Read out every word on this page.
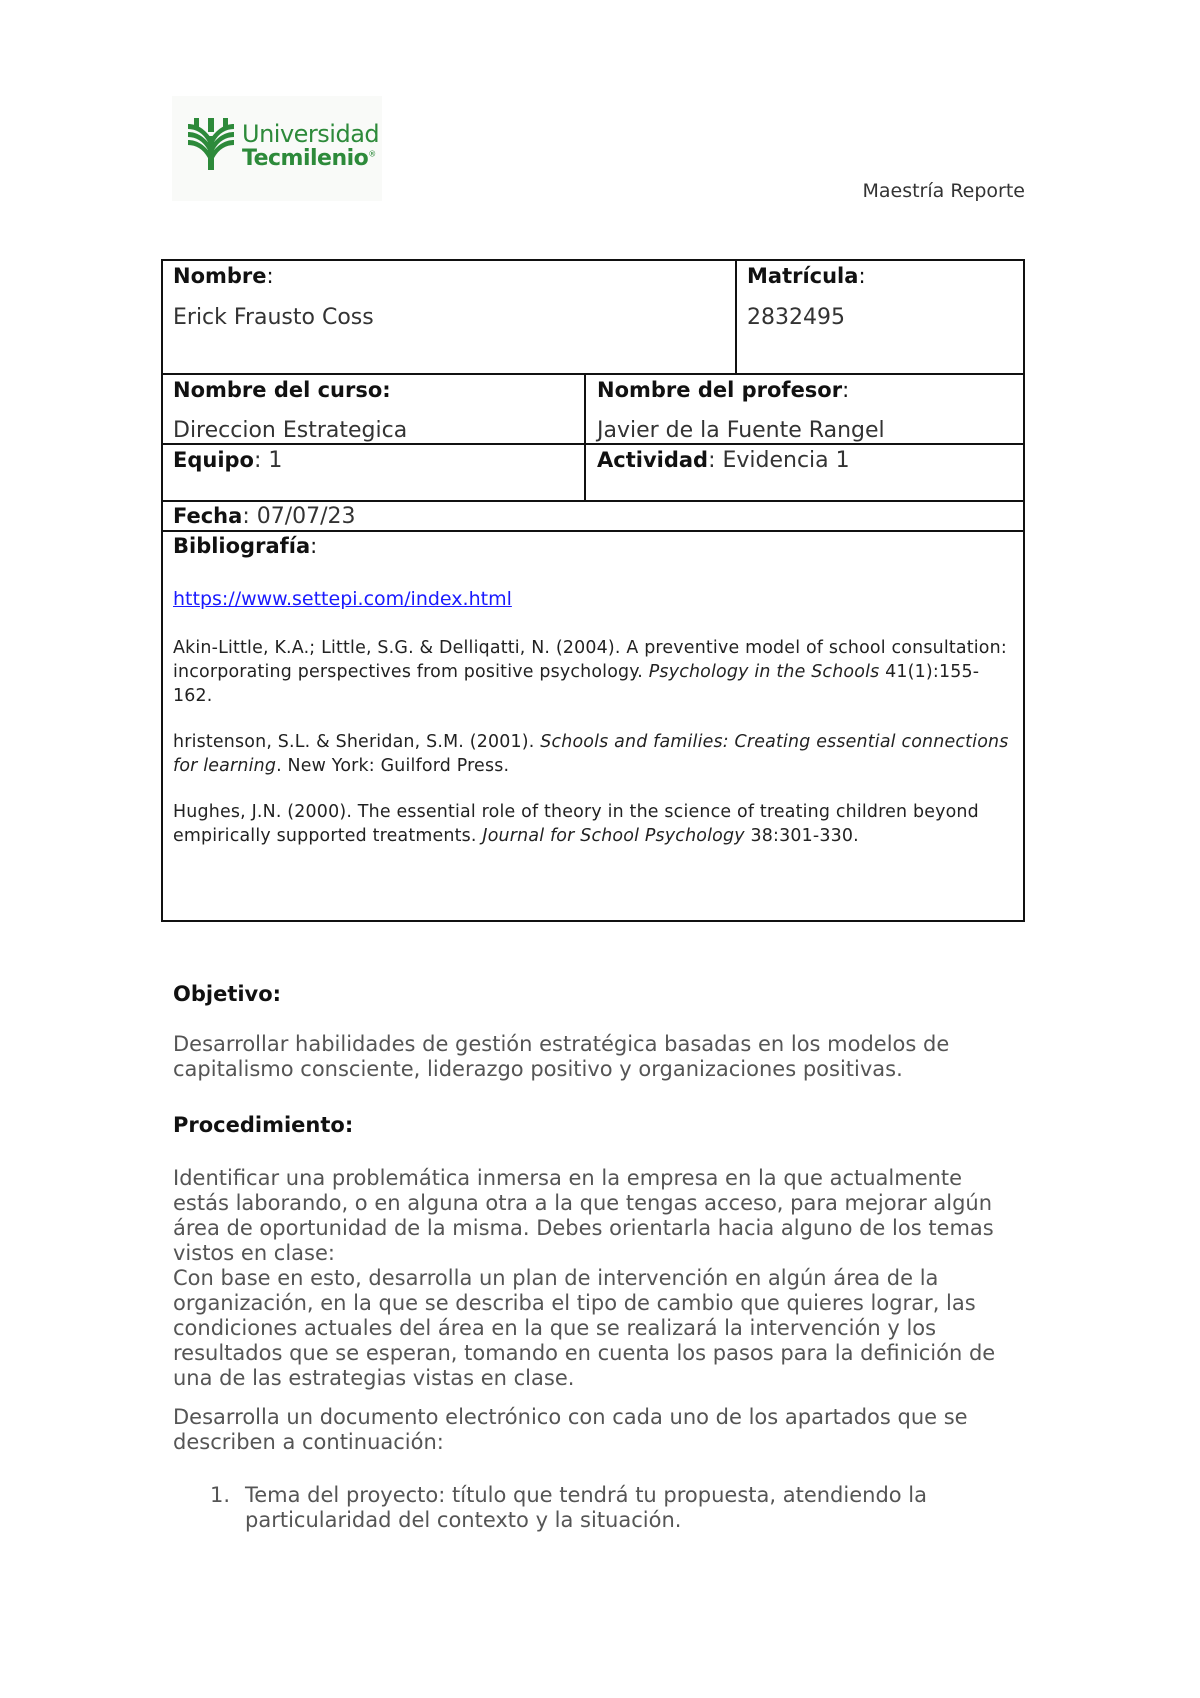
Universidad
Tecmilenio®
Maestría Reporte
Nombre:
Erick Frausto Coss
Matrícula:
2832495
Nombre del curso:
Direccion Estrategica
Nombre del profesor:
Javier de la Fuente Rangel
Equipo: 1	Actividad: Evidencia 1
Fecha: 07/07/23
Bibliografía:
https://www.settepi.com/index.html
Akin-Little, K.A.; Little, S.G. & Delliqatti, N. (2004). A preventive model of school consultation: incorporating perspectives from positive psychology. Psychology in the Schools 41(1):155-162.
hristenson, S.L. & Sheridan, S.M. (2001). Schools and families: Creating essential connections for learning. New York: Guilford Press.
Hughes, J.N. (2000). The essential role of theory in the science of treating children beyond empirically supported treatments. Journal for School Psychology 38:301-330.
Objetivo:
Desarrollar habilidades de gestión estratégica basadas en los modelos de capitalismo consciente, liderazgo positivo y organizaciones positivas.
Procedimiento:
Identificar una problemática inmersa en la empresa en la que actualmente estás laborando, o en alguna otra a la que tengas acceso, para mejorar algún área de oportunidad de la misma. Debes orientarla hacia alguno de los temas vistos en clase:
Con base en esto, desarrolla un plan de intervención en algún área de la organización, en la que se describa el tipo de cambio que quieres lograr, las condiciones actuales del área en la que se realizará la intervención y los resultados que se esperan, tomando en cuenta los pasos para la definición de una de las estrategias vistas en clase.
Desarrolla un documento electrónico con cada uno de los apartados que se describen a continuación:
1. Tema del proyecto: título que tendrá tu propuesta, atendiendo la particularidad del contexto y la situación.
